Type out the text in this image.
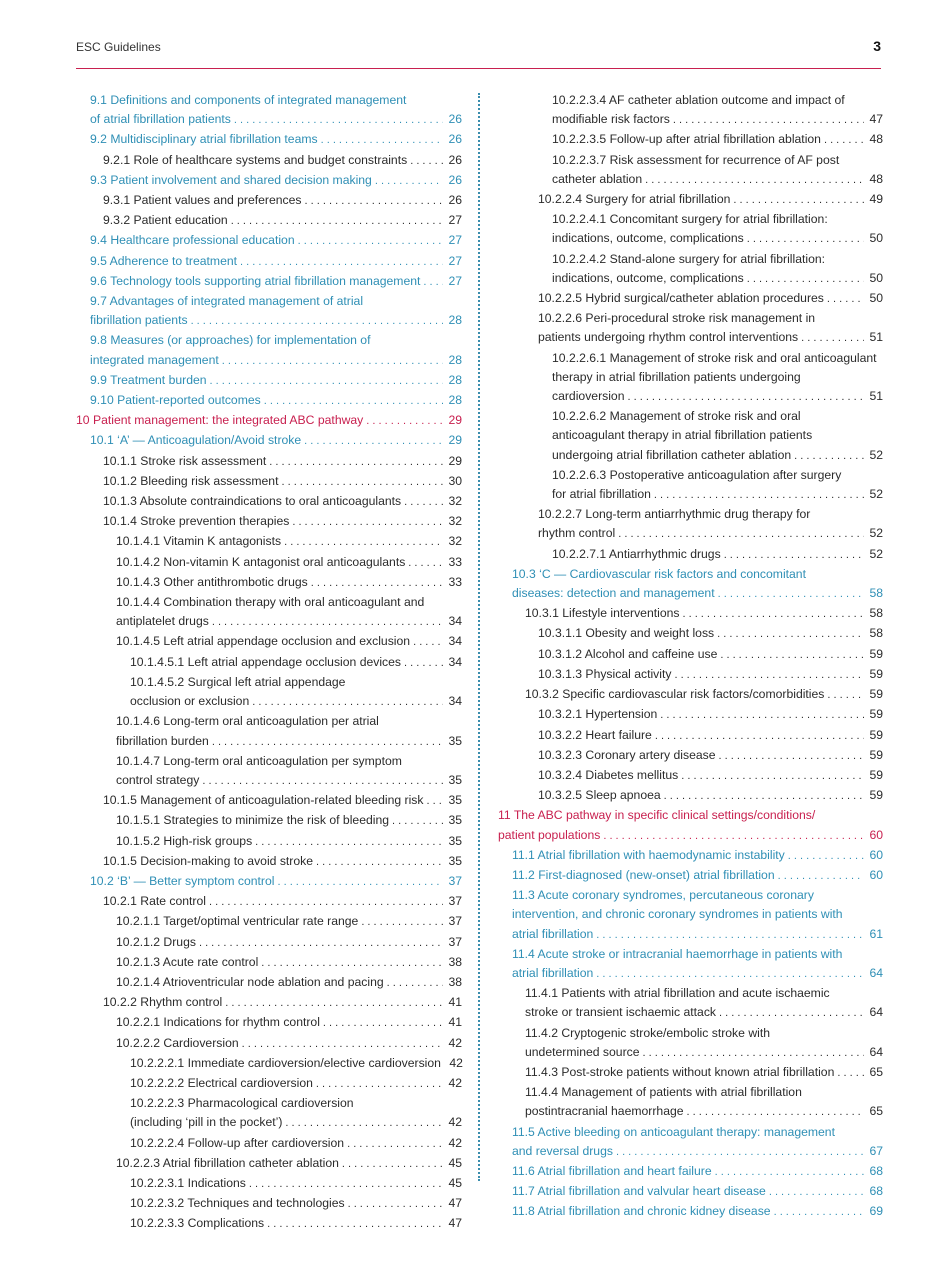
ESC Guidelines	3
9.1 Definitions and components of integrated management
of atrial fibrillation patients . . .	26
9.2 Multidisciplinary atrial fibrillation teams . . .	26
9.2.1 Role of healthcare systems and budget constraints . . .	26
9.3 Patient involvement and shared decision making . . .	26
9.3.1 Patient values and preferences . . .	26
9.3.2 Patient education . . .	27
9.4 Healthcare professional education . . .	27
9.5 Adherence to treatment . . .	27
9.6 Technology tools supporting atrial fibrillation management . . . 27
9.7 Advantages of integrated management of atrial
fibrillation patients . . .	28
9.8 Measures (or approaches) for implementation of
integrated management . . .	28
9.9 Treatment burden . . .	28
9.10 Patient-reported outcomes . . .	28
10 Patient management: the integrated ABC pathway . . .	29
10.1 ‘A’ — Anticoagulation/Avoid stroke . . .	29
10.1.1 Stroke risk assessment . . .	29
10.1.2 Bleeding risk assessment . . .	30
10.1.3 Absolute contraindications to oral anticoagulants . . .	32
10.1.4 Stroke prevention therapies . . .	32
10.1.4.1 Vitamin K antagonists . . .	32
10.1.4.2 Non-vitamin K antagonist oral anticoagulants . . .	33
10.1.4.3 Other antithrombotic drugs . . .	33
10.1.4.4 Combination therapy with oral anticoagulant and
antiplatelet drugs . . .	34
10.1.4.5 Left atrial appendage occlusion and exclusion . . .	34
10.1.4.5.1 Left atrial appendage occlusion devices . . .	34
10.1.4.5.2 Surgical left atrial appendage
occlusion or exclusion . . .	34
10.1.4.6 Long-term oral anticoagulation per atrial
fibrillation burden . . .	35
10.1.4.7 Long-term oral anticoagulation per symptom
control strategy . . .	35
10.1.5 Management of anticoagulation-related bleeding risk . . . 35
10.1.5.1 Strategies to minimize the risk of bleeding . . .	35
10.1.5.2 High-risk groups . . .	35
10.1.5 Decision-making to avoid stroke . . .	35
10.2 ‘B’ — Better symptom control . . .	37
10.2.1 Rate control . . .	37
10.2.1.1 Target/optimal ventricular rate range . . .	37
10.2.1.2 Drugs . . .	37
10.2.1.3 Acute rate control . . .	38
10.2.1.4 Atrioventricular node ablation and pacing . . .	38
10.2.2 Rhythm control . . .	41
10.2.2.1 Indications for rhythm control . . .	41
10.2.2.2 Cardioversion . . .	42
10.2.2.2.1 Immediate cardioversion/elective cardioversion 42
10.2.2.2.2 Electrical cardioversion . . .	42
10.2.2.2.3 Pharmacological cardioversion
(including ‘pill in the pocket’) . . .	42
10.2.2.2.4 Follow-up after cardioversion . . .	42
10.2.2.3 Atrial fibrillation catheter ablation . . .	45
10.2.2.3.1 Indications . . .	45
10.2.2.3.2 Techniques and technologies . . .	47
10.2.2.3.3 Complications . . .	47
10.2.2.3.4 AF catheter ablation outcome and impact of
modifiable risk factors . . .	47
10.2.2.3.5 Follow-up after atrial fibrillation ablation . . .	48
10.2.2.3.7 Risk assessment for recurrence of AF post
catheter ablation . . .	48
10.2.2.4 Surgery for atrial fibrillation . . .	49
10.2.2.4.1 Concomitant surgery for atrial fibrillation:
indications, outcome, complications . . .	50
10.2.2.4.2 Stand-alone surgery for atrial fibrillation:
indications, outcome, complications . . .	50
10.2.2.5 Hybrid surgical/catheter ablation procedures . . .	50
10.2.2.6 Peri-procedural stroke risk management in
patients undergoing rhythm control interventions . . .	51
10.2.2.6.1 Management of stroke risk and oral anticoagulant
therapy in atrial fibrillation patients undergoing
cardioversion . . .	51
10.2.2.6.2 Management of stroke risk and oral
anticoagulant therapy in atrial fibrillation patients
undergoing atrial fibrillation catheter ablation . . .	52
10.2.2.6.3 Postoperative anticoagulation after surgery
for atrial fibrillation . . .	52
10.2.2.7 Long-term antiarrhythmic drug therapy for
rhythm control . . .	52
10.2.2.7.1 Antiarrhythmic drugs . . .	52
10.3 ‘C — Cardiovascular risk factors and concomitant
diseases: detection and management . . .	58
10.3.1 Lifestyle interventions . . .	58
10.3.1.1 Obesity and weight loss . . .	58
10.3.1.2 Alcohol and caffeine use . . .	59
10.3.1.3 Physical activity . . .	59
10.3.2 Specific cardiovascular risk factors/comorbidities . . .	59
10.3.2.1 Hypertension . . .	59
10.3.2.2 Heart failure . . .	59
10.3.2.3 Coronary artery disease . . .	59
10.3.2.4 Diabetes mellitus . . .	59
10.3.2.5 Sleep apnoea . . .	59
11 The ABC pathway in specific clinical settings/conditions/
patient populations . . .	60
11.1 Atrial fibrillation with haemodynamic instability . . .	60
11.2 First-diagnosed (new-onset) atrial fibrillation . . .	60
11.3 Acute coronary syndromes, percutaneous coronary
intervention, and chronic coronary syndromes in patients with
atrial fibrillation . . .	61
11.4 Acute stroke or intracranial haemorrhage in patients with
atrial fibrillation . . .	64
11.4.1 Patients with atrial fibrillation and acute ischaemic
stroke or transient ischaemic attack . . .	64
11.4.2 Cryptogenic stroke/embolic stroke with
undetermined source . . .	64
11.4.3 Post-stroke patients without known atrial fibrillation . . .	65
11.4.4 Management of patients with atrial fibrillation
postintracranial haemorrhage . . .	65
11.5 Active bleeding on anticoagulant therapy: management
and reversal drugs . . .	67
11.6 Atrial fibrillation and heart failure . . .	68
11.7 Atrial fibrillation and valvular heart disease . . .	68
11.8 Atrial fibrillation and chronic kidney disease . . .	69
